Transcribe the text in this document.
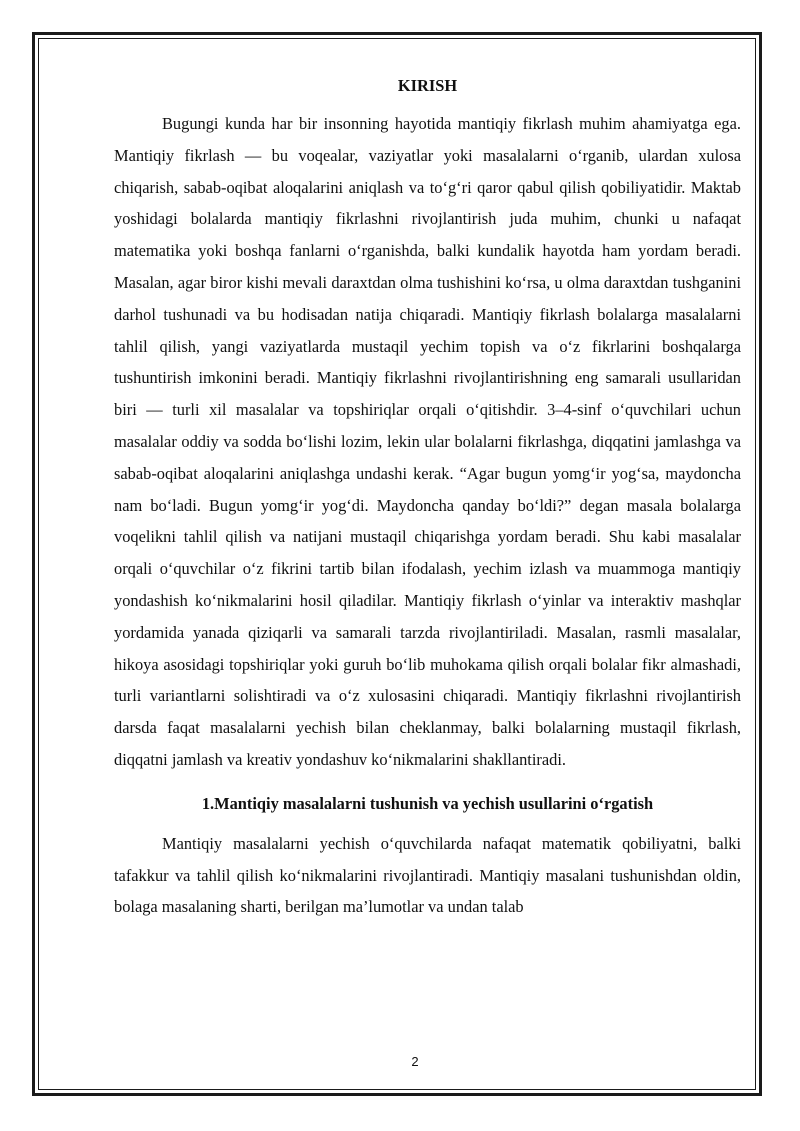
KIRISH

Bugungi kunda har bir insonning hayotida mantiqiy fikrlash muhim ahamiyatga ega. Mantiqiy fikrlash — bu voqealar, vaziyatlar yoki masalalarni o‘rganib, ulardan xulosa chiqarish, sabab-oqibat aloqalarini aniqlash va to‘g‘ri qaror qabul qilish qobiliyatidir. Maktab yoshidagi bolalarda mantiqiy fikrlashni rivojlantirish juda muhim, chunki u nafaqat matematika yoki boshqa fanlarni o‘rganishda, balki kundalik hayotda ham yordam beradi. Masalan, agar biror kishi mevali daraxtdan olma tushishini ko‘rsa, u olma daraxtdan tushganini darhol tushunadi va bu hodisadan natija chiqaradi. Mantiqiy fikrlash bolalarga masalalarni tahlil qilish, yangi vaziyatlarda mustaqil yechim topish va o‘z fikrlarini boshqalarga tushuntirish imkonini beradi. Mantiqiy fikrlashni rivojlantirishning eng samarali usullaridan biri — turli xil masalalar va topshiriqlar orqali o‘qitishdir. 3–4-sinf o‘quvchilari uchun masalalar oddiy va sodda bo‘lishi lozim, lekin ular bolalarni fikrlashga, diqqatini jamlashga va sabab-oqibat aloqalarini aniqlashga undashi kerak. “Agar bugun yomg‘ir yog‘sa, maydoncha nam bo‘ladi. Bugun yomg‘ir yog‘di. Maydoncha qanday bo‘ldi?” degan masala bolalarga voqelikni tahlil qilish va natijani mustaqil chiqarishga yordam beradi. Shu kabi masalalar orqali o‘quvchilar o‘z fikrini tartib bilan ifodalash, yechim izlash va muammoga mantiqiy yondashish ko‘nikmalarini hosil qiladilar. Mantiqiy fikrlash o‘yinlar va interaktiv mashqlar yordamida yanada qiziqarli va samarali tarzda rivojlantiriladi. Masalan, rasmli masalalar, hikoya asosidagi topshiriqlar yoki guruh bo‘lib muhokama qilish orqali bolalar fikr almashadi, turli variantlarni solishtiradi va o‘z xulosasini chiqaradi. Mantiqiy fikrlashni rivojlantirish darsda faqat masalalarni yechish bilan cheklanmay, balki bolalarning mustaqil fikrlash, diqqatni jamlash va kreativ yondashuv ko‘nikmalarini shakllantiradi.

1.Mantiqiy masalalarni tushunish va yechish usullarini o‘rgatish

Mantiqiy masalalarni yechish o‘quvchilarda nafaqat matematik qobiliyatni, balki tafakkur va tahlil qilish ko‘nikmalarini rivojlantiradi. Mantiqiy masalani tushunishdan oldin, bolaga masalaning sharti, berilgan ma’lumotlar va undan talab

2
